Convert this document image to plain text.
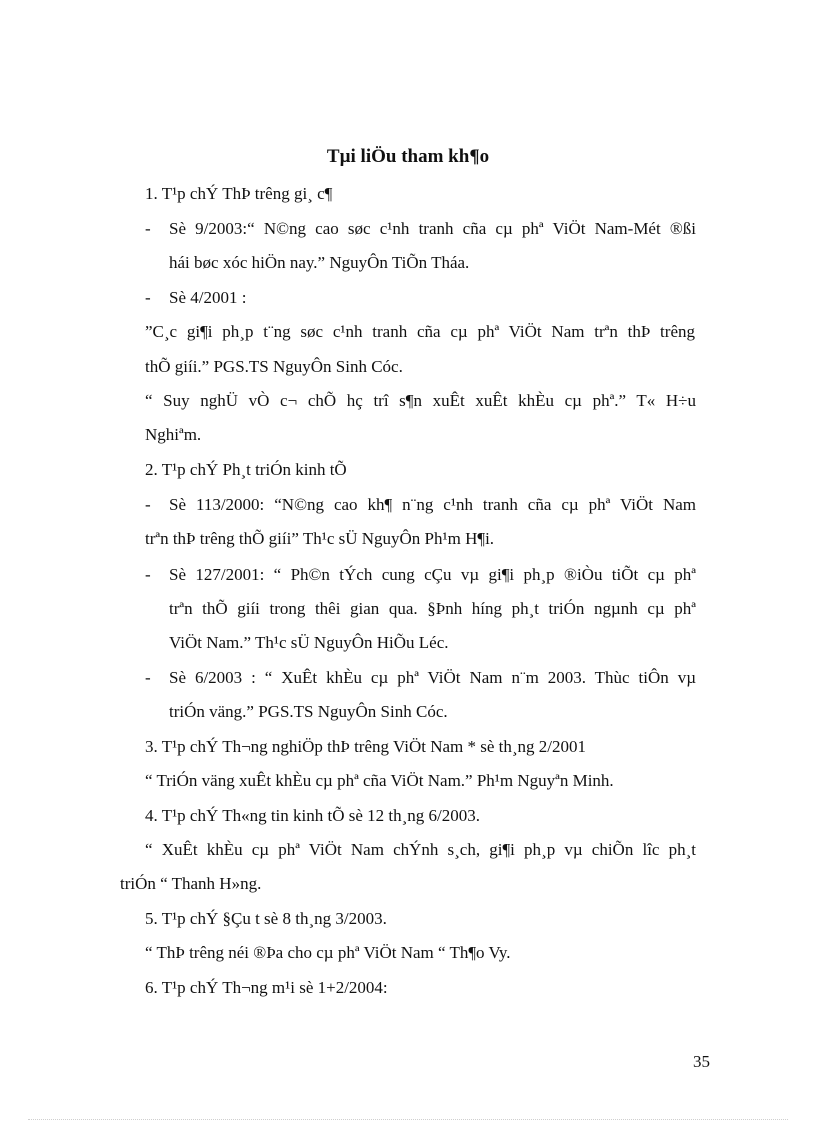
Tµi liÖu tham kh¶o
1. T¹p chÝ ThÞ trêng gi¸ c¶
- Sè 9/2003:“ N©ng cao søc c¹nh tranh cña cµ phª ViÖt Nam-Mét ®ßi
hái bøc xóc hiÖn nay.” NguyÔn TiÕn Tháa.
- Sè 4/2001 :
”C¸c gi¶i ph¸p t¨ng søc c¹nh tranh cña cµ phª ViÖt Nam trªn thÞ trêng
thÕ giíi.” PGS.TS NguyÔn Sinh Cóc.
“ Suy nghÜ vÒ c¬ chÕ hç trî s¶n xuÊt xuÊt khÈu cµ phª.” T« H÷u
Nghiªm.
2. T¹p chÝ Ph¸t triÓn kinh tÕ
- Sè 113/2000: “N©ng cao kh¶ n¨ng c¹nh tranh cña cµ phª ViÖt Nam
trªn thÞ trêng thÕ giíi” Th¹c sÜ NguyÔn Ph¹m H¶i.
- Sè 127/2001: “ Ph©n tÝch cung cÇu vµ gi¶i ph¸p ®iÒu tiÕt cµ phª
trªn thÕ giíi trong thêi gian qua. §Þnh híng ph¸t triÓn ngµnh cµ phª
ViÖt Nam.” Th¹c sÜ NguyÔn HiÕu Léc.
- Sè 6/2003 : “ XuÊt khÈu cµ phª ViÖt Nam n¨m 2003. Thùc tiÔn vµ
triÓn väng.” PGS.TS NguyÔn Sinh Cóc.
3. T¹p chÝ Th¬ng nghiÖp thÞ trêng ViÖt Nam * sè th¸ng 2/2001
“ TriÓn väng xuÊt khÈu cµ phª cña ViÖt Nam.” Ph¹m Nguyªn Minh.
4. T¹p chÝ Th«ng tin kinh tÕ sè 12 th¸ng 6/2003.
“ XuÊt khÈu cµ phª ViÖt Nam chÝnh s¸ch, gi¶i ph¸p vµ chiÕn lîc ph¸t
triÓn “ Thanh H»ng.
5. T¹p chÝ §Çu t sè 8 th¸ng 3/2003.
“ ThÞ trêng néi ®Þa cho cµ phª ViÖt Nam “ Th¶o Vy.
6. T¹p chÝ Th¬ng m¹i sè 1+2/2004:
35
